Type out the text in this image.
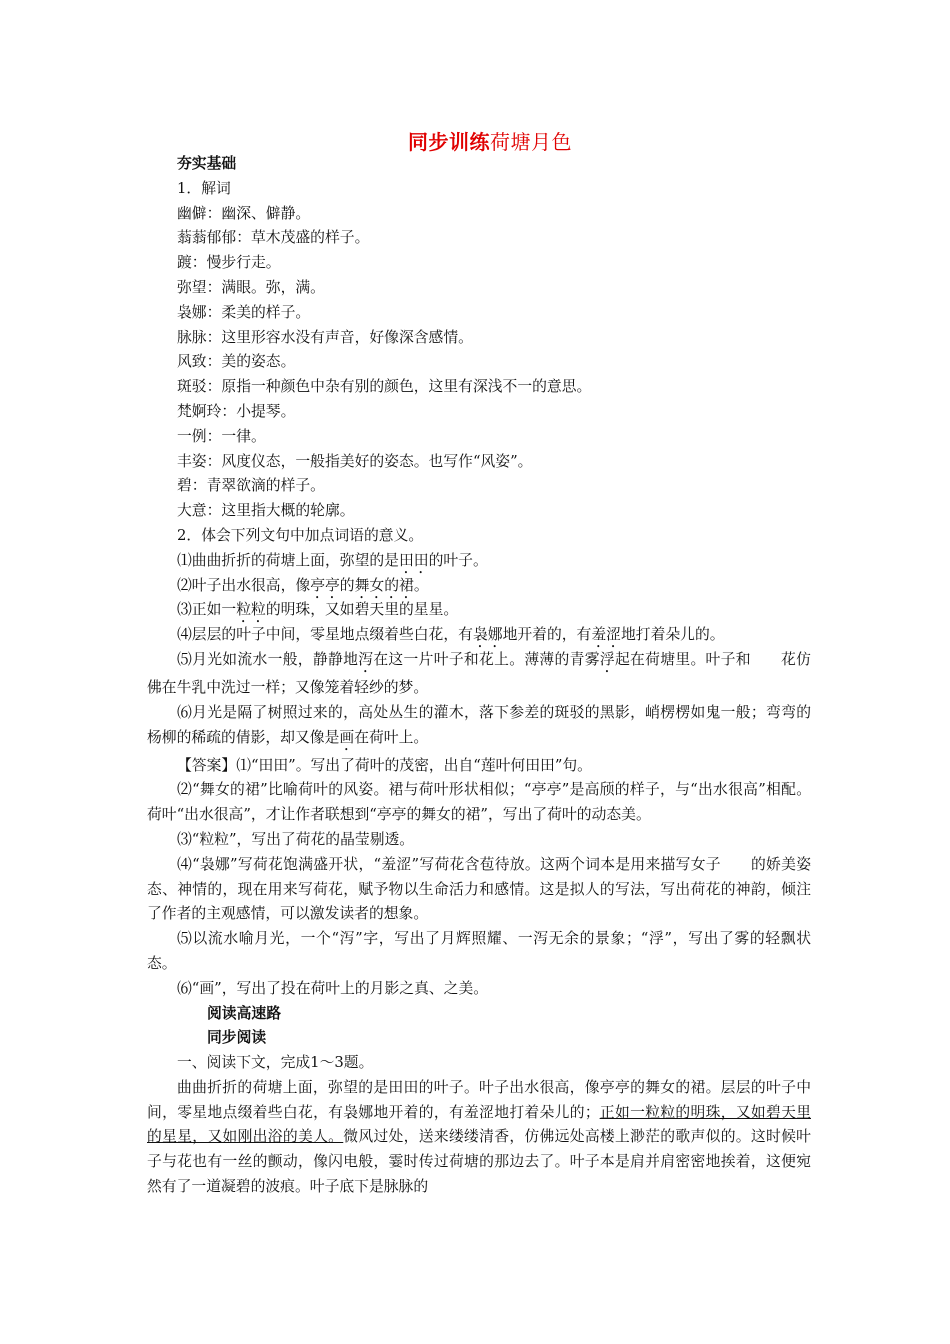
同步训练荷塘月色
夯实基础
1．解词
幽僻：幽深、僻静。
蓊蓊郁郁：草木茂盛的样子。
踱：慢步行走。
弥望：满眼。弥，满。
袅娜：柔美的样子。
脉脉：这里形容水没有声音，好像深含感情。
风致：美的姿态。
斑驳：原指一种颜色中杂有别的颜色，这里有深浅不一的意思。
梵婀玲：小提琴。
一例：一律。
丰姿：风度仪态，一般指美好的姿态。也写作“风姿”。
碧：青翠欲滴的样子。
大意：这里指大概的轮廓。
2．体会下列文句中加点词语的意义。
⑴曲曲折折的荷塘上面，弥望的是田田的叶子。
⑵叶子出水很高，像亭亭的舞女的裙。
⑶正如一粒粒的明珠，又如碧天里的星星。
⑷层层的叶子中间，零星地点缀着些白花，有袅娜地开着的，有羞涩地打着朵儿的。
⑸月光如流水一般，静静地泻在这一片叶子和花上。薄薄的青雾浮起在荷塘里。叶子和　　花仿佛在牛乳中洗过一样；又像笼着轻纱的梦。
⑹月光是隔了树照过来的，高处丛生的灌木，落下参差的斑驳的黑影，峭楞楞如鬼一般；弯弯的杨柳的稀疏的倩影，却又像是画在荷叶上。
【答案】⑴“田田”。写出了荷叶的茂密，出自“莲叶何田田”句。
⑵“舞女的裙”比喻荷叶的风姿。裙与荷叶形状相似；“亭亭”是高颀的样子，与“出水很高”相配。荷叶“出水很高”，才让作者联想到“亭亭的舞女的裙”，写出了荷叶的动态美。
⑶“粒粒”，写出了荷花的晶莹剔透。
⑷“袅娜”写荷花饱满盛开状，“羞涩”写荷花含苞待放。这两个词本是用来描写女子　　的娇美姿态、神情的，现在用来写荷花，赋予物以生命活力和感情。这是拟人的写法，写出荷花的神韵，倾注了作者的主观感情，可以激发读者的想象。
⑸以流水喻月光，一个“泻”字，写出了月辉照耀、一泻无余的景象；“浮”，写出了雾的轻飘状态。
⑹“画”，写出了投在荷叶上的月影之真、之美。
阅读高速路
同步阅读
一、阅读下文，完成1～3题。
曲曲折折的荷塘上面，弥望的是田田的叶子。叶子出水很高，像亭亭的舞女的裙。层层的叶子中间，零星地点缀着些白花，有袅娜地开着的，有羞涩地打着朵儿的；正如一粒粒的明珠，又如碧天里的星星，又如刚出浴的美人。微风过处，送来缕缕清香，仿佛远处高楼上渺茫的歌声似的。这时候叶子与花也有一丝的颤动，像闪电般，霎时传过荷塘的那边去了。叶子本是肩并肩密密地挨着，这便宛然有了一道凝碧的波痕。叶子底下是脉脉的
